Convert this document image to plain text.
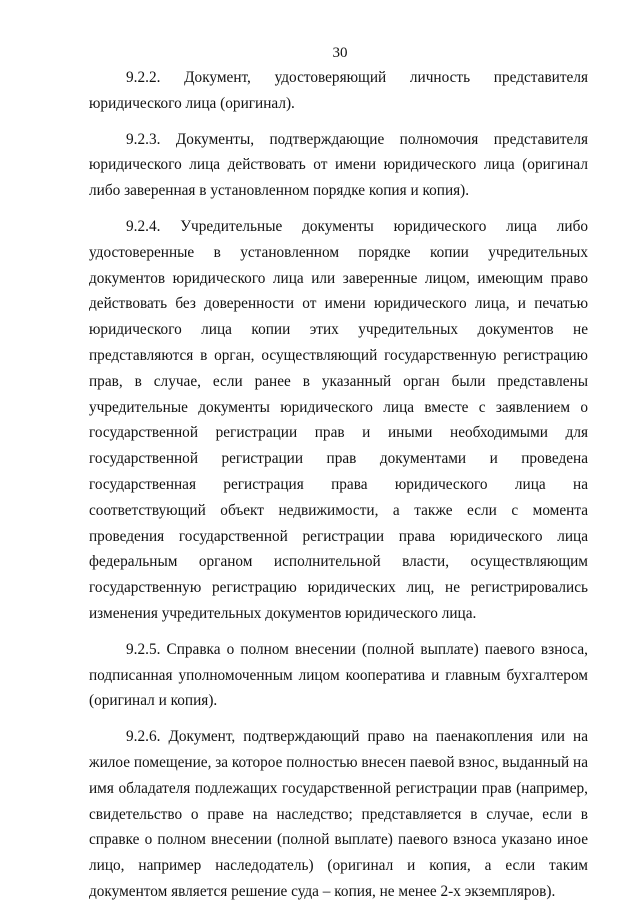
30

9.2.2. Документ, удостоверяющий личность представителя юридического лица (оригинал).

9.2.3. Документы, подтверждающие полномочия представителя юридического лица действовать от имени юридического лица (оригинал либо заверенная в установленном порядке копия и копия).

9.2.4. Учредительные документы юридического лица либо удостоверенные в установленном порядке копии учредительных документов юридического лица или заверенные лицом, имеющим право действовать без доверенности от имени юридического лица, и печатью юридического лица копии этих учредительных документов не представляются в орган, осуществляющий государственную регистрацию прав, в случае, если ранее в указанный орган были представлены учредительные документы юридического лица вместе с заявлением о государственной регистрации прав и иными необходимыми для государственной регистрации прав документами и проведена государственная регистрация права юридического лица на соответствующий объект недвижимости, а также если с момента проведения государственной регистрации права юридического лица федеральным органом исполнительной власти, осуществляющим государственную регистрацию юридических лиц, не регистрировались изменения учредительных документов юридического лица.

9.2.5. Справка о полном внесении (полной выплате) паевого взноса, подписанная уполномоченным лицом кооператива и главным бухгалтером (оригинал и копия).

9.2.6. Документ, подтверждающий право на паенакопления или на жилое помещение, за которое полностью внесен паевой взнос, выданный на имя обладателя подлежащих государственной регистрации прав (например, свидетельство о праве на наследство; представляется в случае, если в справке о полном внесении (полной выплате) паевого взноса указано иное лицо, например наследодатель) (оригинал и копия, а если таким документом является решение суда – копия, не менее 2-х экземпляров).
